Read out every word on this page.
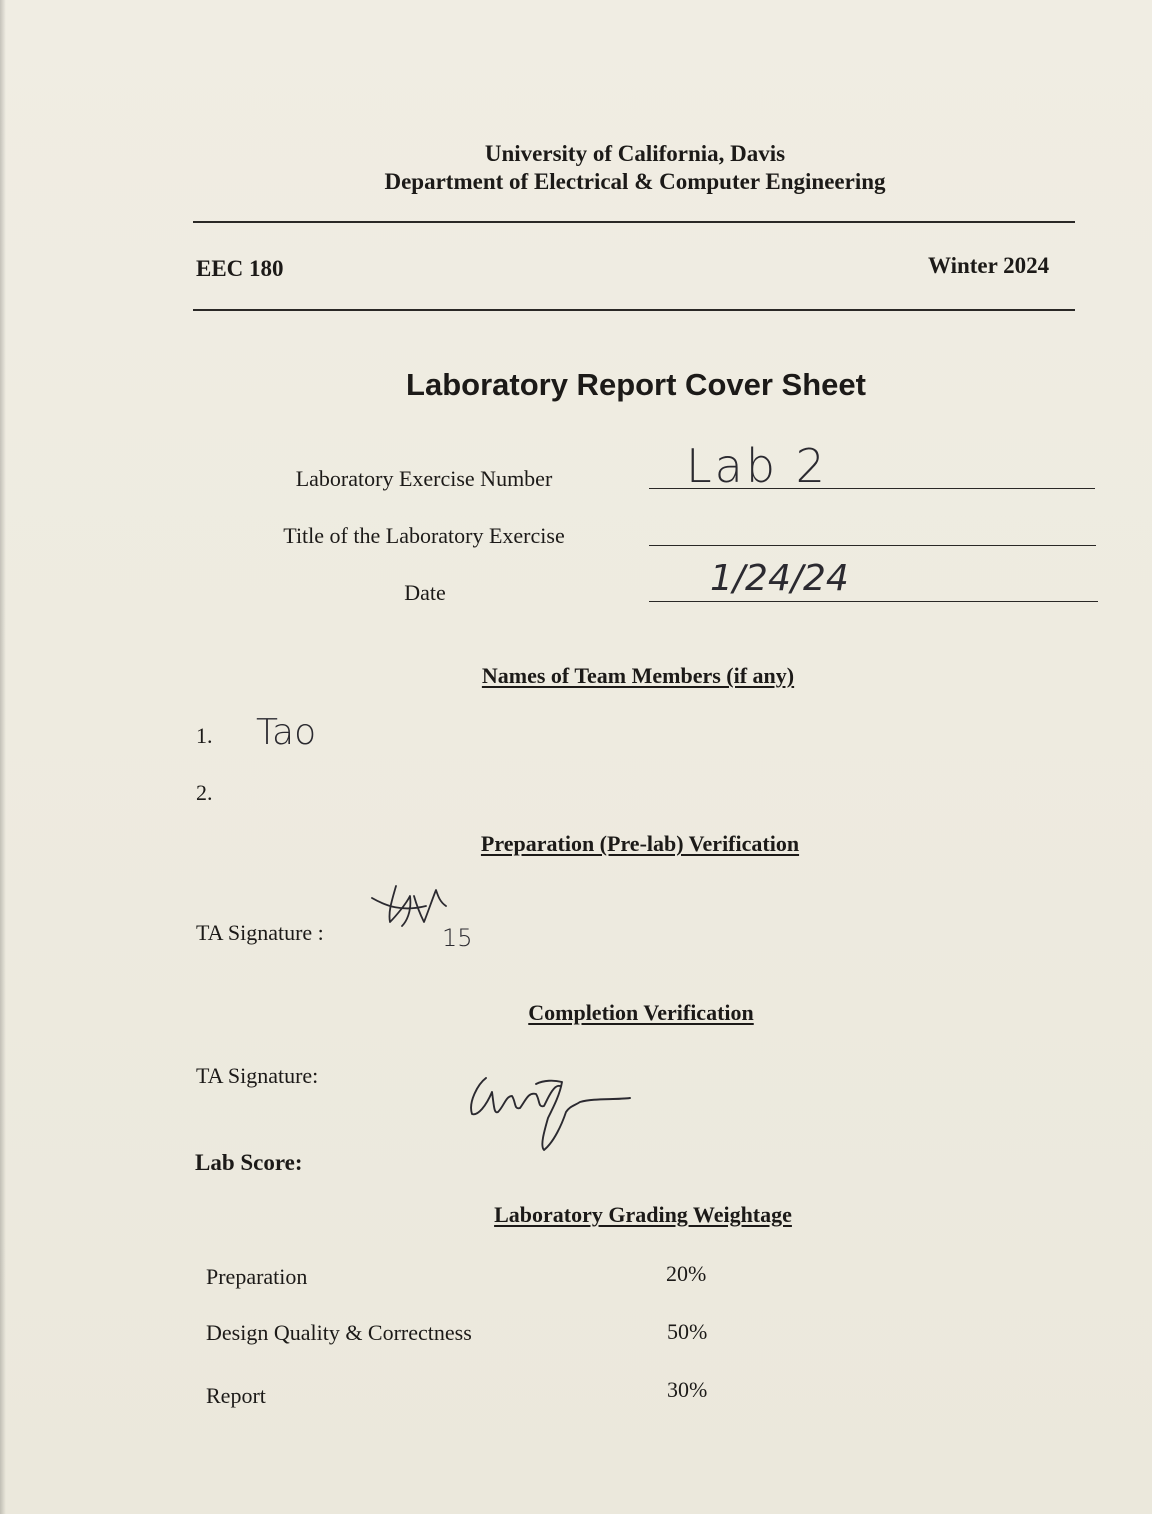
University of California, Davis
Department of Electrical & Computer Engineering
EEC 180	Winter 2024
Laboratory Report Cover Sheet
Laboratory Exercise Number	Lab 2
Title of the Laboratory Exercise
Date	1/24/24
Names of Team Members (if any)
1. Tao
2.
Preparation (Pre-lab) Verification
TA Signature :	15
Completion Verification
TA Signature:
Lab Score:
Laboratory Grading Weightage
Preparation	20%
Design Quality & Correctness	50%
Report	30%
